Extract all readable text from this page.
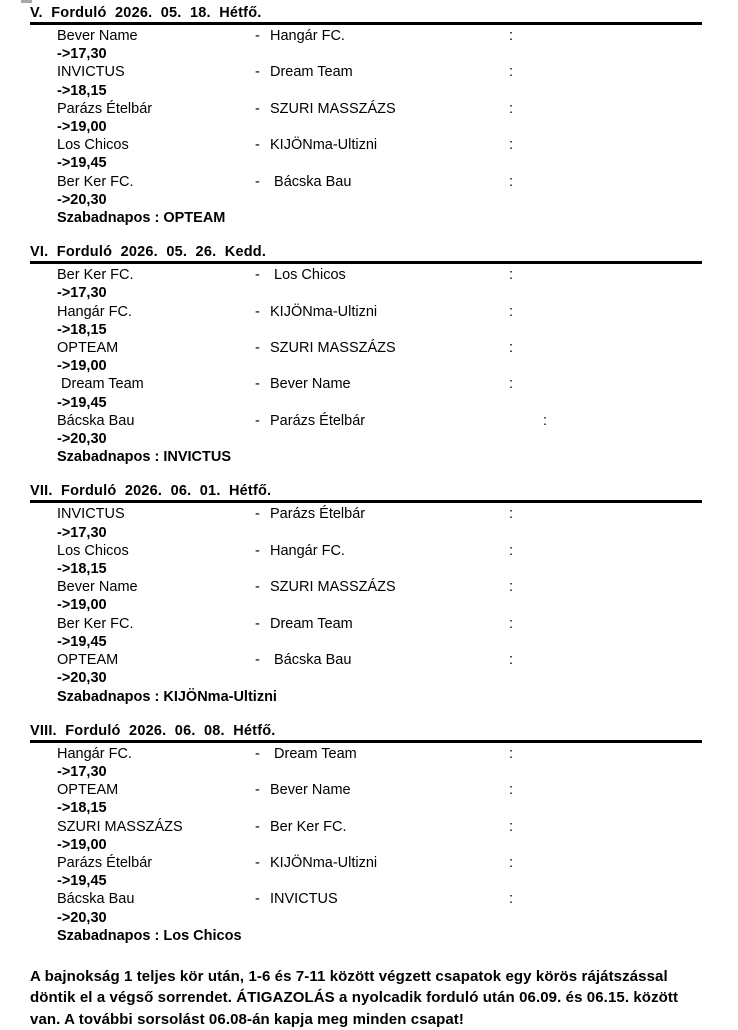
V.  Forduló  2026.  05.  18.  Hétfő.
Bever Name	- Hangár FC.	:
->17,30
INVICTUS	- Dream Team	:
->18,15
Parázs Ételbár	- SZURI MASSZÁZS	:
->19,00
Los Chicos	- KIJÖNma-Ultizni	:
->19,45
Ber Ker FC.	- Bácska Bau	:
->20,30
Szabadnapos : OPTEAM
VI.  Forduló  2026.  05.  26.  Kedd.
Ber Ker FC.	- Los Chicos	:
->17,30
Hangár FC.	- KIJÖNma-Ultizni	:
->18,15
OPTEAM	- SZURI MASSZÁZS	:
->19,00
Dream Team	- Bever Name	:
->19,45
Bácska Bau	- Parázs Ételbár	:
->20,30
Szabadnapos : INVICTUS
VII.  Forduló  2026.  06.  01.  Hétfő.
INVICTUS	- Parázs Ételbár	:
->17,30
Los Chicos	- Hangár FC.	:
->18,15
Bever Name	- SZURI MASSZÁZS	:
->19,00
Ber Ker FC.	- Dream Team	:
->19,45
OPTEAM	- Bácska Bau	:
->20,30
Szabadnapos : KIJÖNma-Ultizni
VIII.  Forduló  2026.  06.  08.  Hétfő.
Hangár FC.	- Dream Team	:
->17,30
OPTEAM	- Bever Name	:
->18,15
SZURI MASSZÁZS	- Ber Ker FC.	:
->19,00
Parázs Ételbár	- KIJÖNma-Ultizni	:
->19,45
Bácska Bau	- INVICTUS	:
->20,30
Szabadnapos : Los Chicos

A bajnokság 1 teljes kör után, 1-6 és 7-11 között végzett csapatok egy körös rájátszással döntik el a végső sorrendet. ÁTIGAZOLÁS a nyolcadik forduló után 06.09. és 06.15. között van. A további sorsolást 06.08-án kapja meg minden csapat!
